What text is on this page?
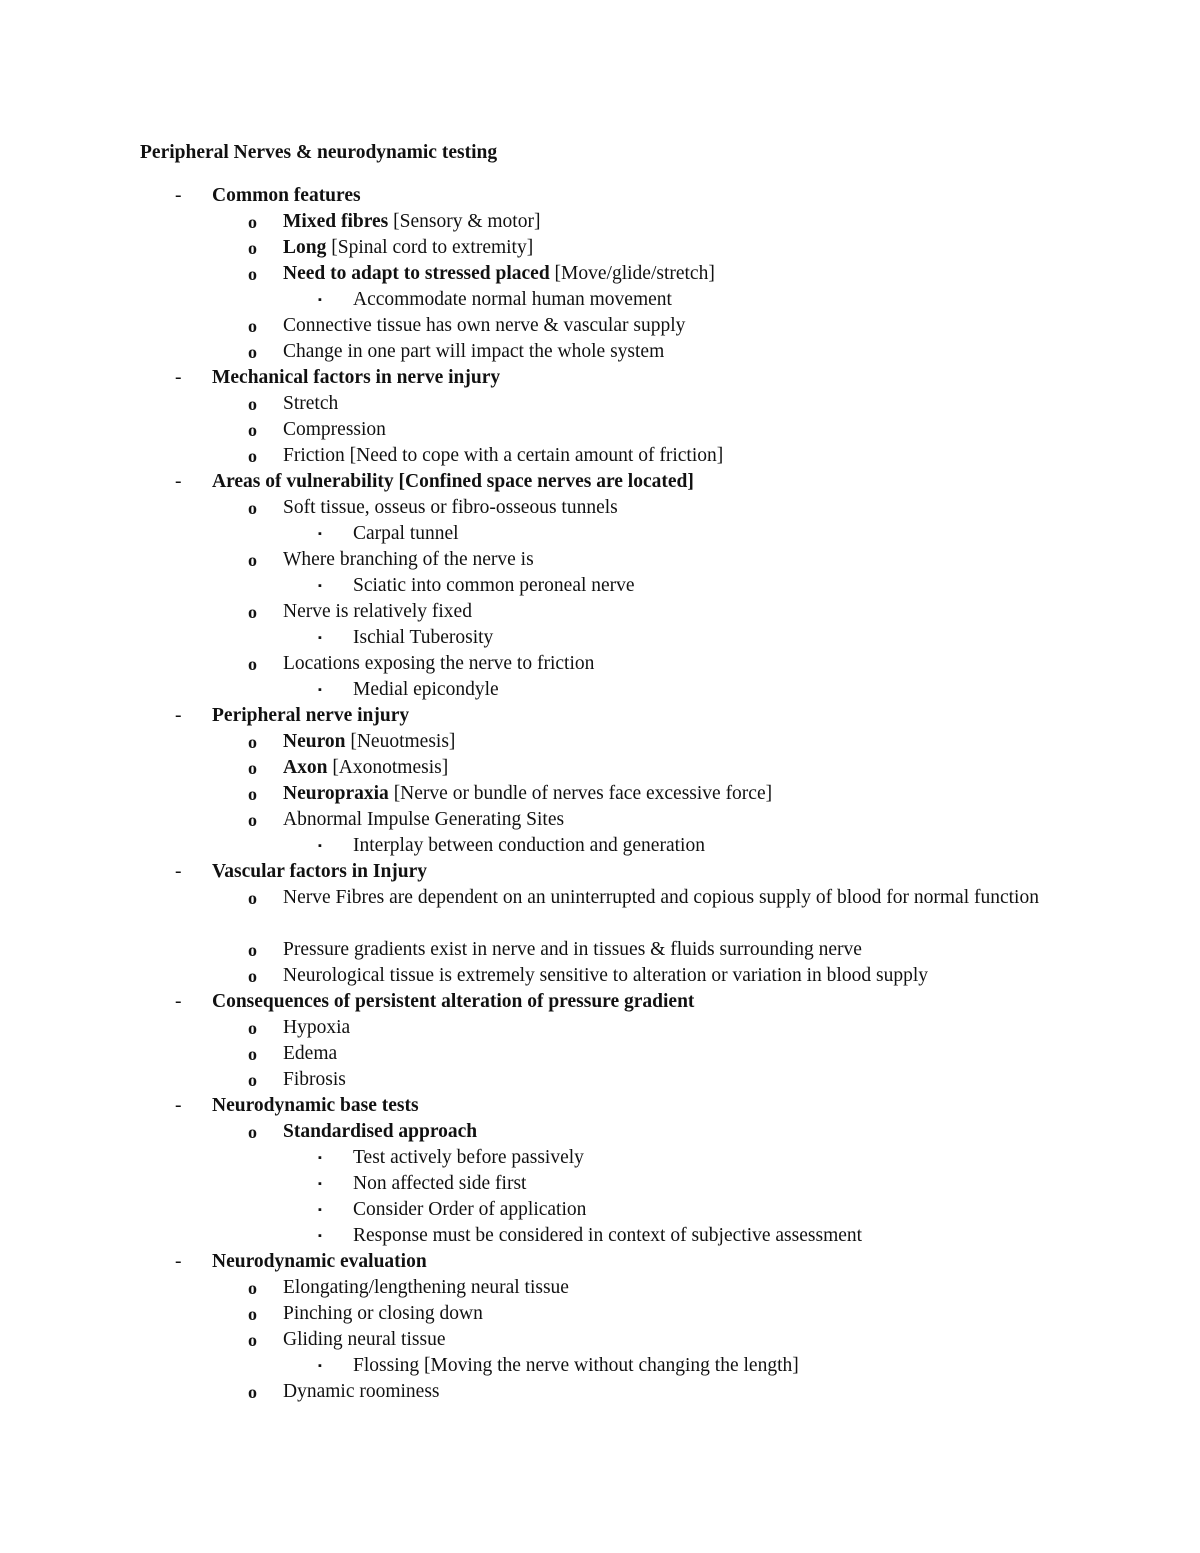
Peripheral Nerves & neurodynamic testing
- Common features
o Mixed fibres [Sensory & motor]
o Long [Spinal cord to extremity]
o Need to adapt to stressed placed [Move/glide/stretch]
▪ Accommodate normal human movement
o Connective tissue has own nerve & vascular supply
o Change in one part will impact the whole system
- Mechanical factors in nerve injury
o Stretch
o Compression
o Friction [Need to cope with a certain amount of friction]
- Areas of vulnerability [Confined space nerves are located]
o Soft tissue, osseus or fibro-osseous tunnels
▪ Carpal tunnel
o Where branching of the nerve is
▪ Sciatic into common peroneal nerve
o Nerve is relatively fixed
▪ Ischial Tuberosity
o Locations exposing the nerve to friction
▪ Medial epicondyle
- Peripheral nerve injury
o Neuron [Neuotmesis]
o Axon [Axonotmesis]
o Neuropraxia [Nerve or bundle of nerves face excessive force]
o Abnormal Impulse Generating Sites
▪ Interplay between conduction and generation
- Vascular factors in Injury
o Nerve Fibres are dependent on an uninterrupted and copious supply of blood for normal function
o Pressure gradients exist in nerve and in tissues & fluids surrounding nerve
o Neurological tissue is extremely sensitive to alteration or variation in blood supply
- Consequences of persistent alteration of pressure gradient
o Hypoxia
o Edema
o Fibrosis
- Neurodynamic base tests
o Standardised approach
▪ Test actively before passively
▪ Non affected side first
▪ Consider Order of application
▪ Response must be considered in context of subjective assessment
- Neurodynamic evaluation
o Elongating/lengthening neural tissue
o Pinching or closing down
o Gliding neural tissue
▪ Flossing [Moving the nerve without changing the length]
o Dynamic roominess
